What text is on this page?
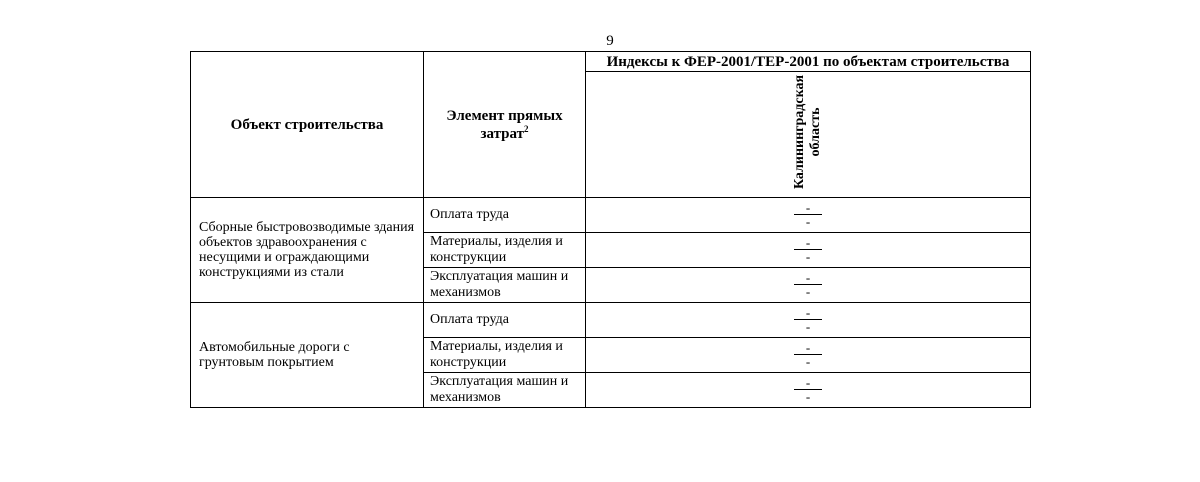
9
Объект строительства	Элемент прямых затрат$^2$	Индексы к ФЕР-2001/ТЕР-2001 по объектам строительства

		Калининградская область

Сборные быстровозводимые здания объектов здравоохранения с несущими и ограждающими конструкциями из стали	Оплата труда	$\frac{-}{-}$

	Материалы, изделия и конструкции	$\frac{-}{-}$

	Эксплуатация машин и механизмов	$\frac{-}{-}$

Автомобильные дороги с грунтовым покрытием	Оплата труда	$\frac{-}{-}$

	Материалы, изделия и конструкции	$\frac{-}{-}$

	Эксплуатация машин и механизмов	$\frac{-}{-}$
